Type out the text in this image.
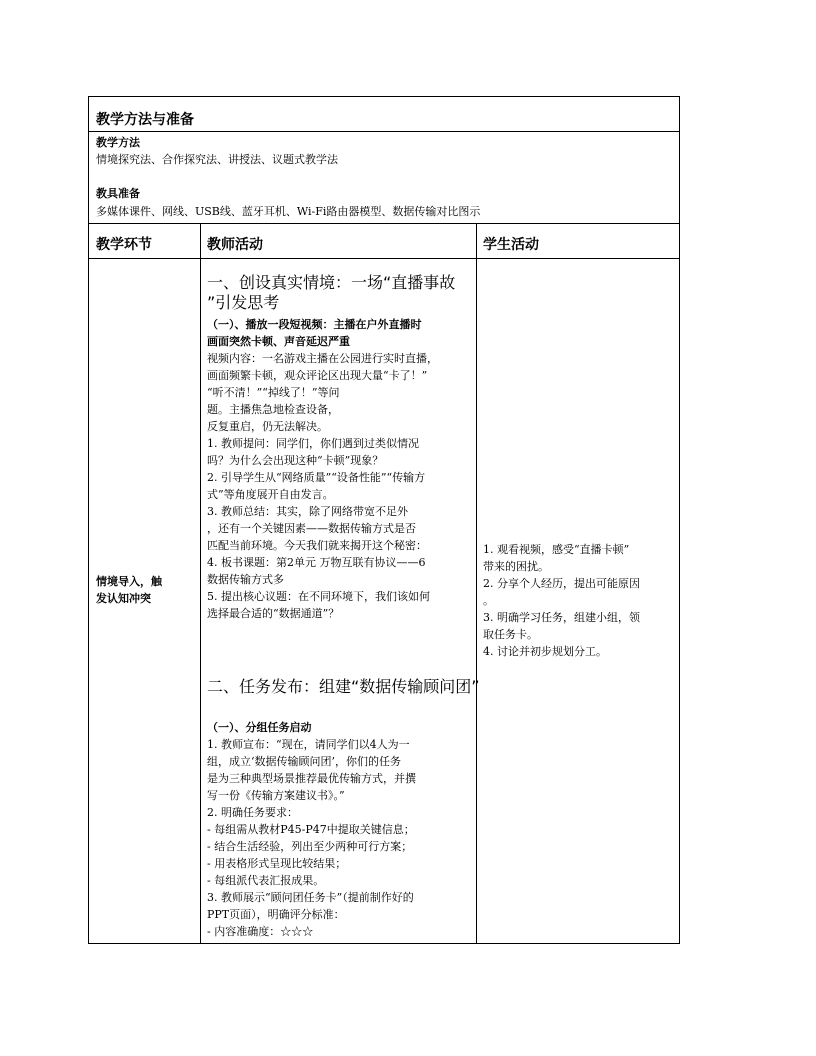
教学方法与准备
教学方法
情境探究法、合作探究法、讲授法、议题式教学法
教具准备
多媒体课件、网线、USB线、蓝牙耳机、Wi-Fi路由器模型、数据传输对比图示
教学环节	教师活动	学生活动
情境导入，触
发认知冲突
一、创设真实情境：一场“直播事故
”引发思考
（一）、播放一段短视频：主播在户外直播时
画面突然卡顿、声音延迟严重
视频内容：一名游戏主播在公园进行实时直播，
画面频繁卡顿，观众评论区出现大量“卡了！”
“听不清！”“掉线了！”等问
题。主播焦急地检查设备，
反复重启，仍无法解决。
1. 教师提问：同学们，你们遇到过类似情况
吗？为什么会出现这种“卡顿”现象？
2. 引导学生从“网络质量”“设备性能”“传输方
式”等角度展开自由发言。
3. 教师总结：其实，除了网络带宽不足外
，还有一个关键因素——数据传输方式是否
匹配当前环境。今天我们就来揭开这个秘密：
4. 板书课题：第2单元 万物互联有协议——6
数据传输方式多
5. 提出核心议题：在不同环境下，我们该如何
选择最合适的“数据通道”？
二、任务发布：组建“数据传输顾问团”
（一）、分组任务启动
1. 教师宣布：“现在，请同学们以4人为一
组，成立‘数据传输顾问团’，你们的任务
是为三种典型场景推荐最优传输方式，并撰
写一份《传输方案建议书》。”
2. 明确任务要求：
- 每组需从教材P45-P47中提取关键信息；
- 结合生活经验，列出至少两种可行方案；
- 用表格形式呈现比较结果；
- 每组派代表汇报成果。
3. 教师展示“顾问团任务卡”（提前制作好的
PPT页面），明确评分标准：
- 内容准确度：☆☆☆
1. 观看视频，感受“直播卡顿”
带来的困扰。
2. 分享个人经历，提出可能原因
。
3. 明确学习任务，组建小组，领
取任务卡。
4. 讨论并初步规划分工。
